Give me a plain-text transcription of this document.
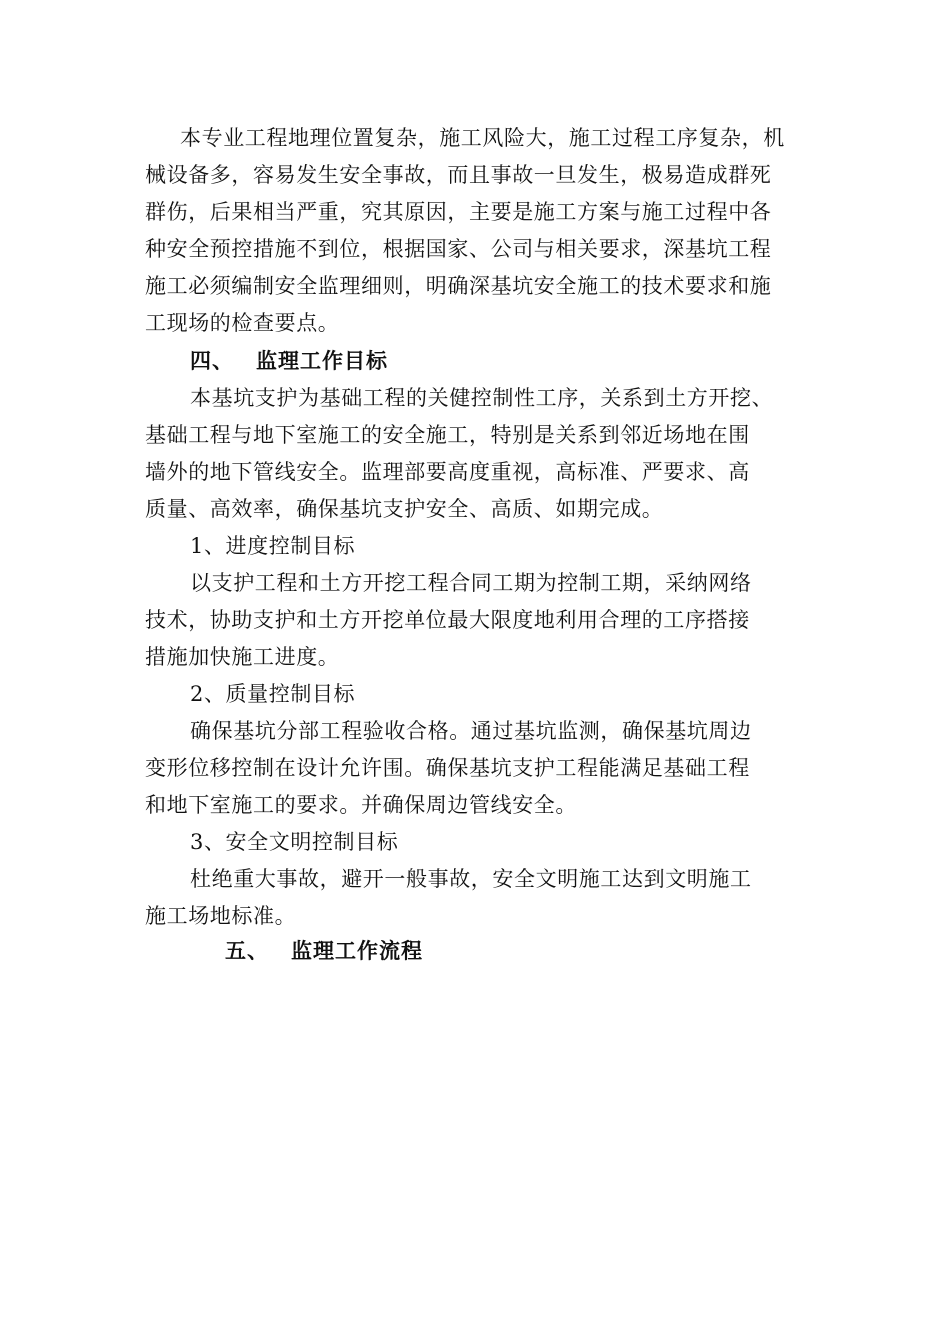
本专业工程地理位置复杂，施工风险大，施工过程工序复杂，机
械设备多，容易发生安全事故，而且事故一旦发生，极易造成群死
群伤，后果相当严重，究其原因，主要是施工方案与施工过程中各
种安全预控措施不到位，根据国家、公司与相关要求，深基坑工程
施工必须编制安全监理细则，明确深基坑安全施工的技术要求和施
工现场的检查要点。
四、 监理工作目标
本基坑支护为基础工程的关健控制性工序，关系到土方开挖、
基础工程与地下室施工的安全施工，特别是关系到邻近场地在围
墙外的地下管线安全。监理部要高度重视，高标准、严要求、高
质量、高效率，确保基坑支护安全、高质、如期完成。
1、进度控制目标
以支护工程和土方开挖工程合同工期为控制工期，采纳网络
技术，协助支护和土方开挖单位最大限度地利用合理的工序搭接
措施加快施工进度。
2、质量控制目标
确保基坑分部工程验收合格。通过基坑监测，确保基坑周边
变形位移控制在设计允许围。确保基坑支护工程能满足基础工程
和地下室施工的要求。并确保周边管线安全。
3、安全文明控制目标
杜绝重大事故，避开一般事故，安全文明施工达到文明施工
施工场地标准。
五、 监理工作流程
